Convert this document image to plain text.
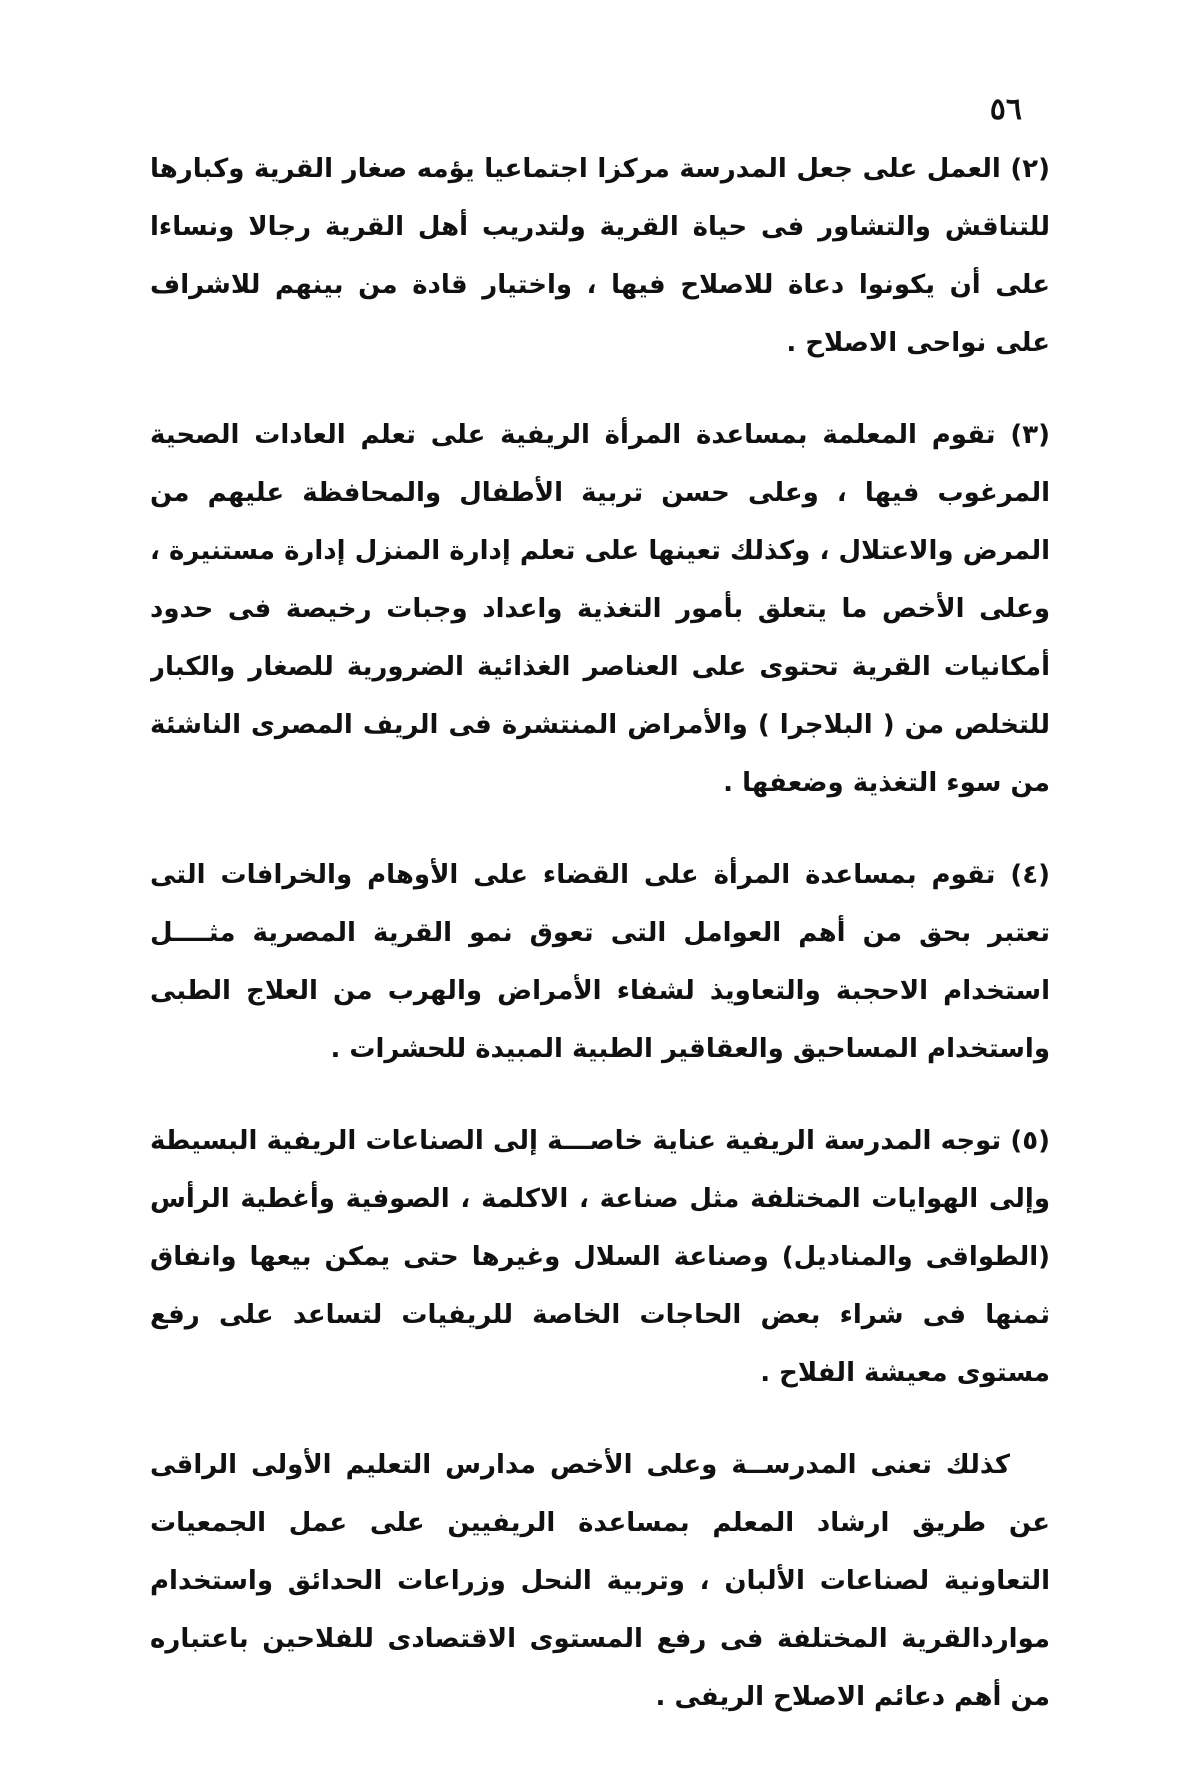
٥٦

(٢) العمل على جعل المدرسة مركزا اجتماعيا يؤمه صغار القرية وكبارها للتناقش والتشاور فى حياة القرية ولتدريب أهل القرية رجالا ونساءا على أن يكونوا دعاة للاصلاح فيها ، واختيار قادة من بينهم للاشراف على نواحى الاصلاح .

(٣) تقوم المعلمة بمساعدة المرأة الريفية على تعلم العادات الصحية المرغوب فيها ، وعلى حسن تربية الأطفال والمحافظة عليهم من المرض والاعتلال ، وكذلك تعينها على تعلم إدارة المنزل إدارة مستنيرة ، وعلى الأخص ما يتعلق بأمور التغذية واعداد وجبات رخيصة فى حدود أمكانيات القرية تحتوى على العناصر الغذائية الضرورية للصغار والكبار للتخلص من ( البلاجرا ) والأمراض المنتشرة فى الريف المصرى الناشئة من سوء التغذية وضعفها .

(٤) تقوم بمساعدة المرأة على القضاء على الأوهام والخرافات التى تعتبر بحق من أهم العوامل التى تعوق نمو القرية المصرية مثــــل استخدام الاحجبة والتعاويذ لشفاء الأمراض والهرب من العلاج الطبى واستخدام المساحيق والعقاقير الطبية المبيدة للحشرات .

(٥) توجه المدرسة الريفية عناية خاصـــة إلى الصناعات الريفية البسيطة وإلى الهوايات المختلفة مثل صناعة ، الاكلمة ، الصوفية وأغطية الرأس (الطواقى والمناديل) وصناعة السلال وغيرها حتى يمكن بيعها وانفاق ثمنها فى شراء بعض الحاجات الخاصة للريفيات لتساعد على رفع مستوى معيشة الفلاح .

كذلك تعنى المدرســة وعلى الأخص مدارس التعليم الأولى الراقى عن طريق ارشاد المعلم بمساعدة الريفيين على عمل الجمعيات التعاونية لصناعات الألبان ، وتربية النحل وزراعات الحدائق واستخدام مواردالقرية المختلفة فى رفع المستوى الاقتصادى للفلاحين باعتباره من أهم دعائم الاصلاح الريفى .
